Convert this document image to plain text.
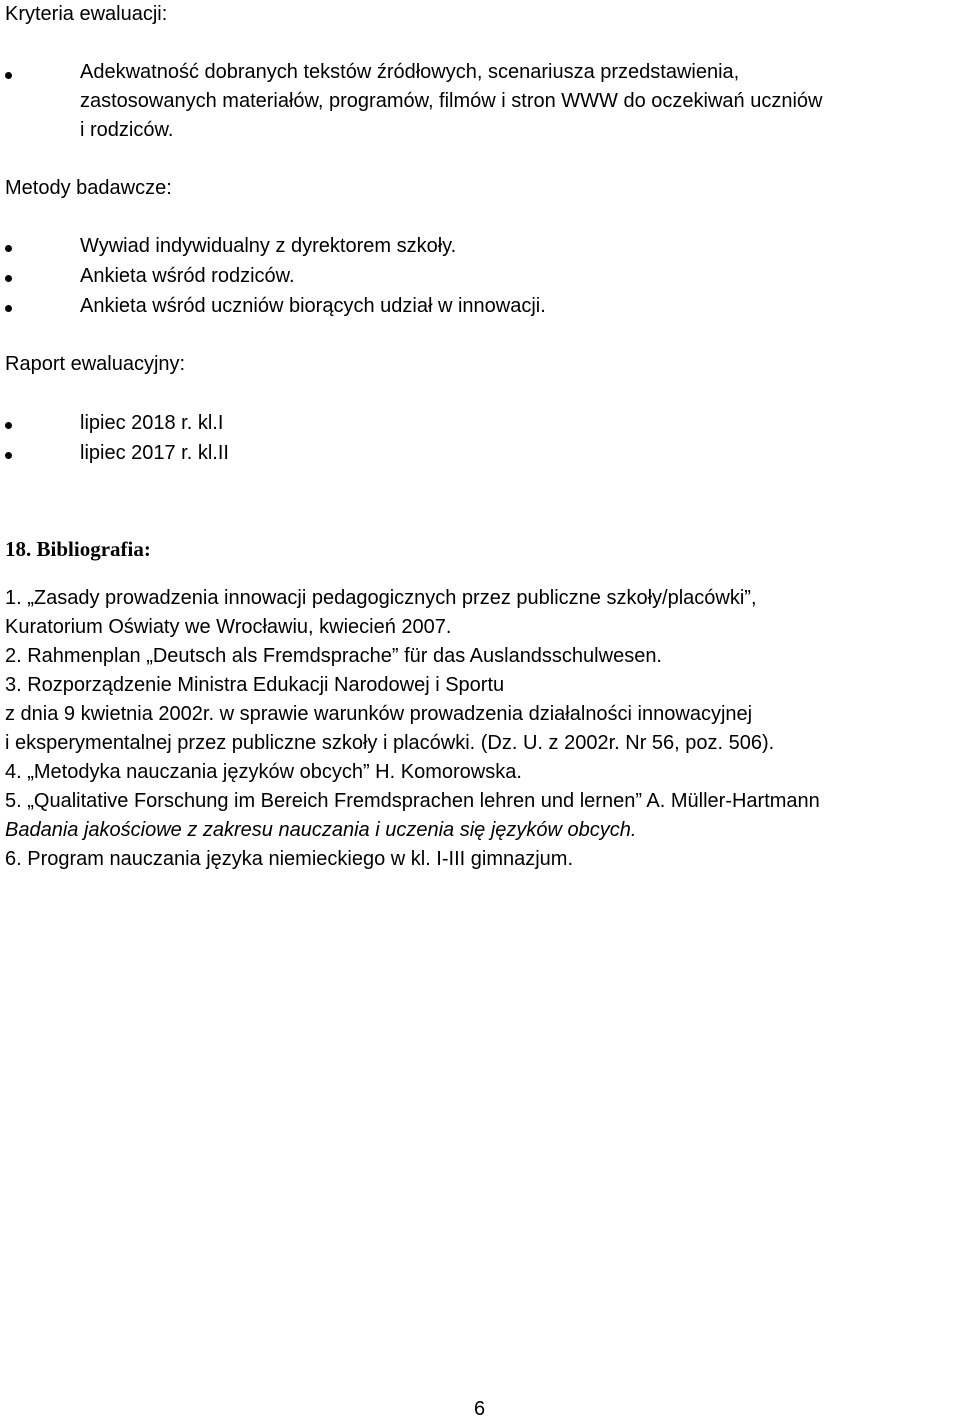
Kryteria ewaluacji:
Adekwatność dobranych tekstów źródłowych, scenariusza przedstawienia,
zastosowanych materiałów, programów, filmów i stron WWW do oczekiwań uczniów
i rodziców.
Metody badawcze:
Wywiad indywidualny z dyrektorem szkoły.
Ankieta wśród rodziców.
Ankieta wśród uczniów biorących udział w innowacji.
Raport ewaluacyjny:
lipiec 2018 r. kl.I
lipiec 2017 r. kl.II
18. Bibliografia:
1. „Zasady prowadzenia innowacji pedagogicznych przez publiczne szkoły/placówki”,
Kuratorium Oświaty we Wrocławiu, kwiecień 2007.
2. Rahmenplan „Deutsch als Fremdsprache” für das Auslandsschulwesen.
3. Rozporządzenie Ministra Edukacji Narodowej i Sportu
z dnia 9 kwietnia 2002r. w sprawie warunków prowadzenia działalności innowacyjnej
i eksperymentalnej przez publiczne szkoły i placówki. (Dz. U. z 2002r. Nr 56, poz. 506).
4. „Metodyka nauczania języków obcych” H. Komorowska.
5. „Qualitative Forschung im Bereich Fremdsprachen lehren und lernen” A. Müller-Hartmann
Badania jakościowe z zakresu nauczania i uczenia się języków obcych.
6. Program nauczania języka niemieckiego w kl. I-III gimnazjum.
6
